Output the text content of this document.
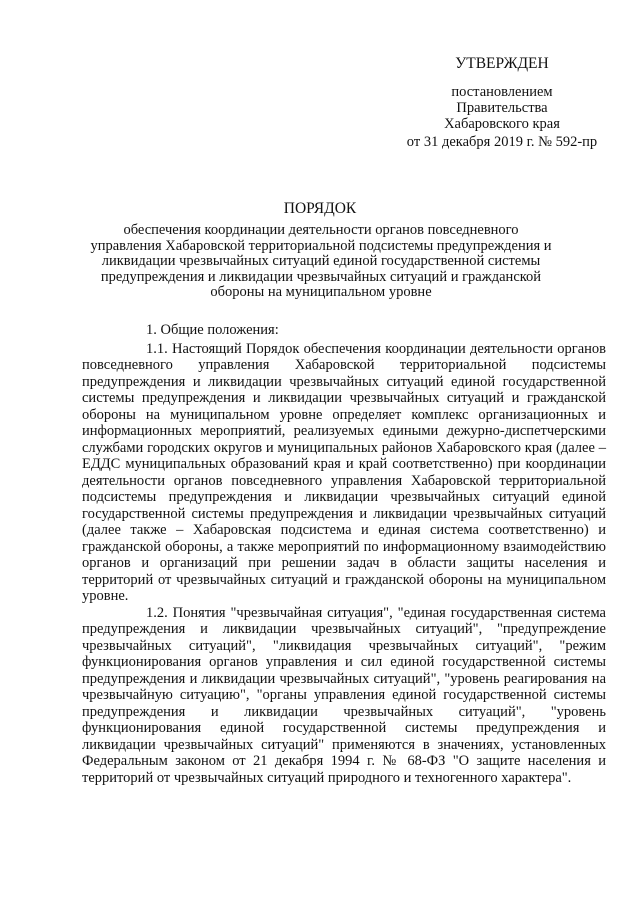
УТВЕРЖДЕН
постановлением
Правительства
Хабаровского края
от 31 декабря 2019 г. № 592-пр
ПОРЯДОК
обеспечения координации деятельности органов повседневного управления Хабаровской территориальной подсистемы предупреждения и ликвидации чрезвычайных ситуаций единой государственной системы предупреждения и ликвидации чрезвычайных ситуаций и гражданской обороны на муниципальном уровне

1. Общие положения:

1.1. Настоящий Порядок обеспечения координации деятельности органов повседневного управления Хабаровской территориальной подсистемы предупреждения и ликвидации чрезвычайных ситуаций единой государственной системы предупреждения и ликвидации чрезвычайных ситуаций и гражданской обороны на муниципальном уровне определяет комплекс организационных и информационных мероприятий, реализуемых едиными дежурно-диспетчерскими службами городских округов и муниципальных районов Хабаровского края (далее – ЕДДС муниципальных образований края и край соответственно) при координации деятельности органов повседневного управления Хабаровской территориальной подсистемы предупреждения и ликвидации чрезвычайных ситуаций единой государственной системы предупреждения и ликвидации чрезвычайных ситуаций (далее также – Хабаровская подсистема и единая система соответственно) и гражданской обороны, а также мероприятий по информационному взаимодействию органов и организаций при решении задач в области защиты населения и территорий от чрезвычайных ситуаций и гражданской обороны на муниципальном уровне.

1.2. Понятия "чрезвычайная ситуация", "единая государственная система предупреждения и ликвидации чрезвычайных ситуаций", "предупреждение чрезвычайных ситуаций", "ликвидация чрезвычайных ситуаций", "режим функционирования органов управления и сил единой государственной системы предупреждения и ликвидации чрезвычайных ситуаций", "уровень реагирования на чрезвычайную ситуацию", "органы управления единой государственной системы предупреждения и ликвидации чрезвычайных ситуаций", "уровень функционирования единой государственной системы предупреждения и ликвидации чрезвычайных ситуаций" применяются в значениях, установленных Федеральным законом от 21 декабря 1994 г. № 68-ФЗ "О защите населения и территорий от чрезвычайных ситуаций природного и техногенного характера".
